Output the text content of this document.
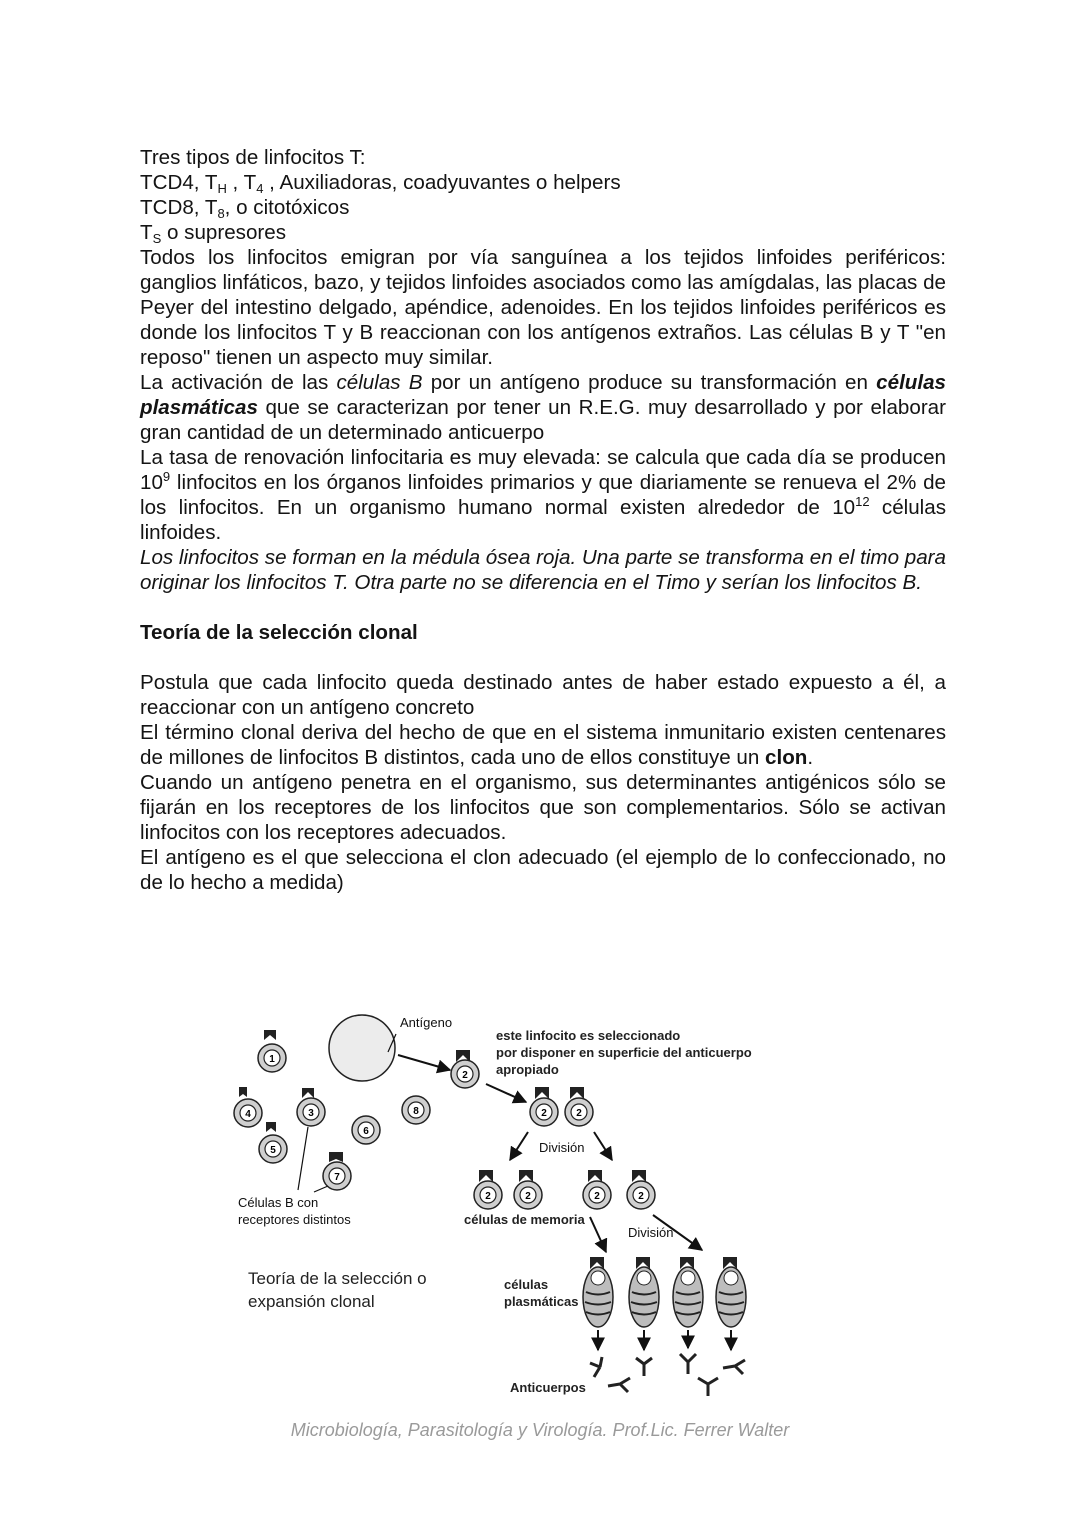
Tres tipos de linfocitos T:

TCD4, $T_H$ , $T_4$ , Auxiliadoras, coadyuvantes o helpers

TCD8, $T_8$, o citotóxicos

$T_S$ o supresores

Todos los linfocitos emigran por vía sanguínea a los tejidos linfoides periféricos: ganglios linfáticos, bazo, y tejidos linfoides asociados como las amígdalas, las placas de Peyer del intestino delgado, apéndice, adenoides. En los tejidos linfoides periféricos es donde los linfocitos T y B reaccionan con los antígenos extraños. Las células B y T "en reposo" tienen un aspecto muy similar.

La activación de las células B por un antígeno produce su transformación en células plasmáticas que se caracterizan por tener un R.E.G. muy desarrollado y por elaborar gran cantidad de un determinado anticuerpo

La tasa de renovación linfocitaria es muy elevada: se calcula que cada día se producen $10^9$ linfocitos en los órganos linfoides primarios y que diariamente se renueva el 2% de los linfocitos. En un organismo humano normal existen alrededor de $10^{12}$ células linfoides.

Los linfocitos se forman en la médula ósea roja. Una parte se transforma en el timo para originar los linfocitos T. Otra parte no se diferencia en el Timo y serían los linfocitos B.

Teoría de la selección clonal

Postula que cada linfocito queda destinado antes de haber estado expuesto a él, a reaccionar con un antígeno concreto

El término clonal deriva del hecho de que en el sistema inmunitario existen centenares de millones de linfocitos B distintos, cada uno de ellos constituye un clon.

Cuando un antígeno penetra en el organismo, sus determinantes antigénicos sólo se fijarán en los receptores de los linfocitos que son complementarios. Sólo se activan linfocitos con los receptores adecuados.

El antígeno es el que selecciona el clon adecuado (el ejemplo de lo confeccionado, no de lo hecho a medida)

Antígeno
1
4	3	8
6
5
7
Células B con
receptores distintos
2
este linfocito es seleccionado
por disponer en superficie del anticuerpo
apropiado
2	2
División
2	2
células de memoria
2	2
División
células
plasmáticas
Anticuerpos
Teoría de la selección o
expansión clonal
Microbiología, Parasitología y Virología. Prof.Lic. Ferrer Walter
